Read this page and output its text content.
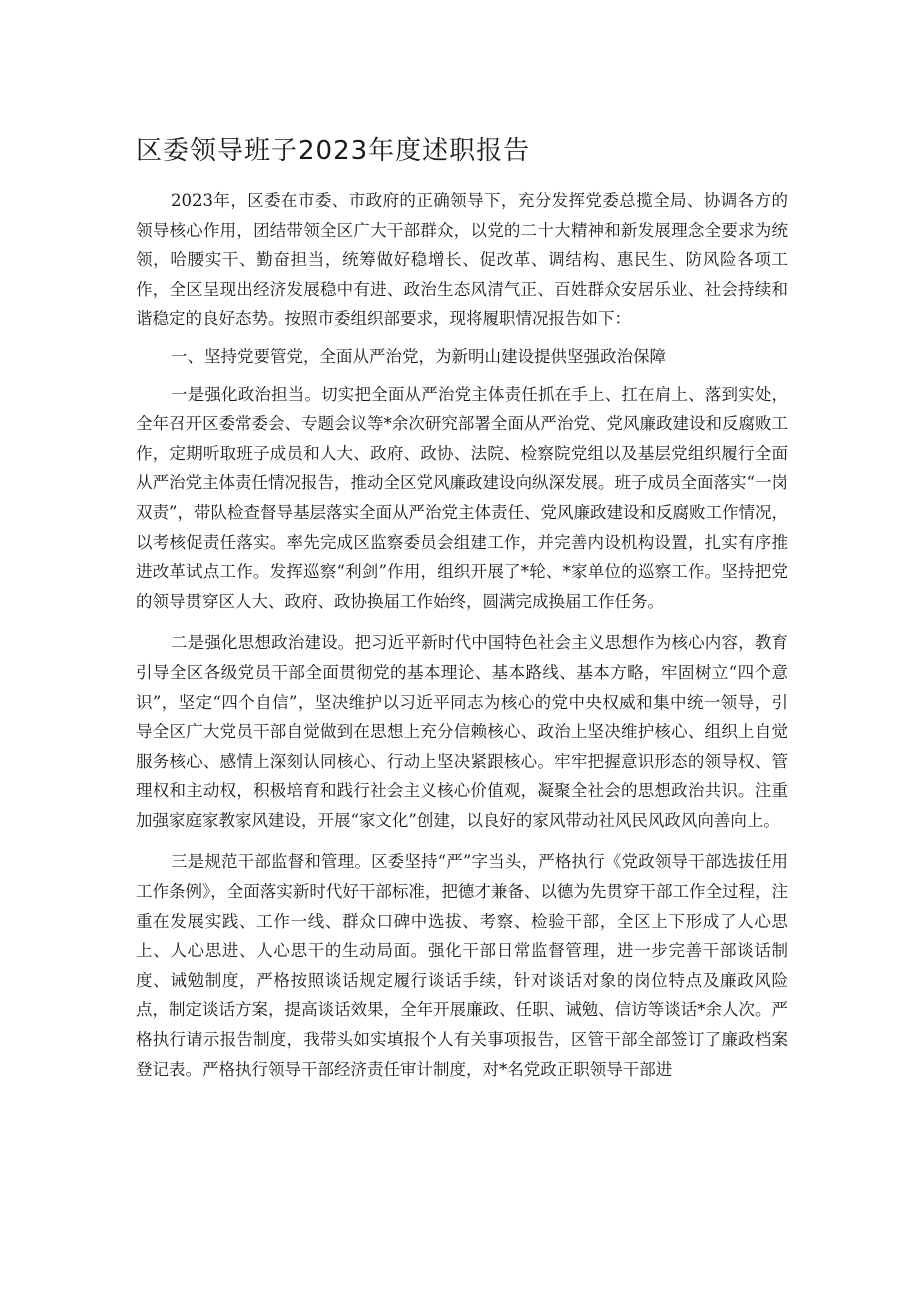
区委领导班子2023年度述职报告

2023年，区委在市委、市政府的正确领导下，充分发挥党委总揽全局、协调各方的领导核心作用，团结带领全区广大干部群众，以党的二十大精神和新发展理念全要求为统领，哈腰实干、勤奋担当，统筹做好稳增长、促改革、调结构、惠民生、防风险各项工作，全区呈现出经济发展稳中有进、政治生态风清气正、百姓群众安居乐业、社会持续和谐稳定的良好态势。按照市委组织部要求，现将履职情况报告如下：

一、坚持党要管党，全面从严治党，为新明山建设提供坚强政治保障

一是强化政治担当。切实把全面从严治党主体责任抓在手上、扛在肩上、落到实处，全年召开区委常委会、专题会议等*余次研究部署全面从严治党、党风廉政建设和反腐败工作，定期听取班子成员和人大、政府、政协、法院、检察院党组以及基层党组织履行全面从严治党主体责任情况报告，推动全区党风廉政建设向纵深发展。班子成员全面落实“一岗双责”，带队检查督导基层落实全面从严治党主体责任、党风廉政建设和反腐败工作情况，以考核促责任落实。率先完成区监察委员会组建工作，并完善内设机构设置，扎实有序推进改革试点工作。发挥巡察“利剑”作用，组织开展了*轮、*家单位的巡察工作。坚持把党的领导贯穿区人大、政府、政协换届工作始终，圆满完成换届工作任务。

二是强化思想政治建设。把习近平新时代中国特色社会主义思想作为核心内容，教育引导全区各级党员干部全面贯彻党的基本理论、基本路线、基本方略，牢固树立“四个意识”，坚定“四个自信”，坚决维护以习近平同志为核心的党中央权威和集中统一领导，引导全区广大党员干部自觉做到在思想上充分信赖核心、政治上坚决维护核心、组织上自觉服务核心、感情上深刻认同核心、行动上坚决紧跟核心。牢牢把握意识形态的领导权、管理权和主动权，积极培育和践行社会主义核心价值观，凝聚全社会的思想政治共识。注重加强家庭家教家风建设，开展“家文化”创建，以良好的家风带动社风民风政风向善向上。

三是规范干部监督和管理。区委坚持“严”字当头，严格执行《党政领导干部选拔任用工作条例》，全面落实新时代好干部标准，把德才兼备、以德为先贯穿干部工作全过程，注重在发展实践、工作一线、群众口碑中选拔、考察、检验干部，全区上下形成了人心思上、人心思进、人心思干的生动局面。强化干部日常监督管理，进一步完善干部谈话制度、诫勉制度，严格按照谈话规定履行谈话手续，针对谈话对象的岗位特点及廉政风险点，制定谈话方案，提高谈话效果，全年开展廉政、任职、诫勉、信访等谈话*余人次。严格执行请示报告制度，我带头如实填报个人有关事项报告，区管干部全部签订了廉政档案登记表。严格执行领导干部经济责任审计制度，对*名党政正职领导干部进
